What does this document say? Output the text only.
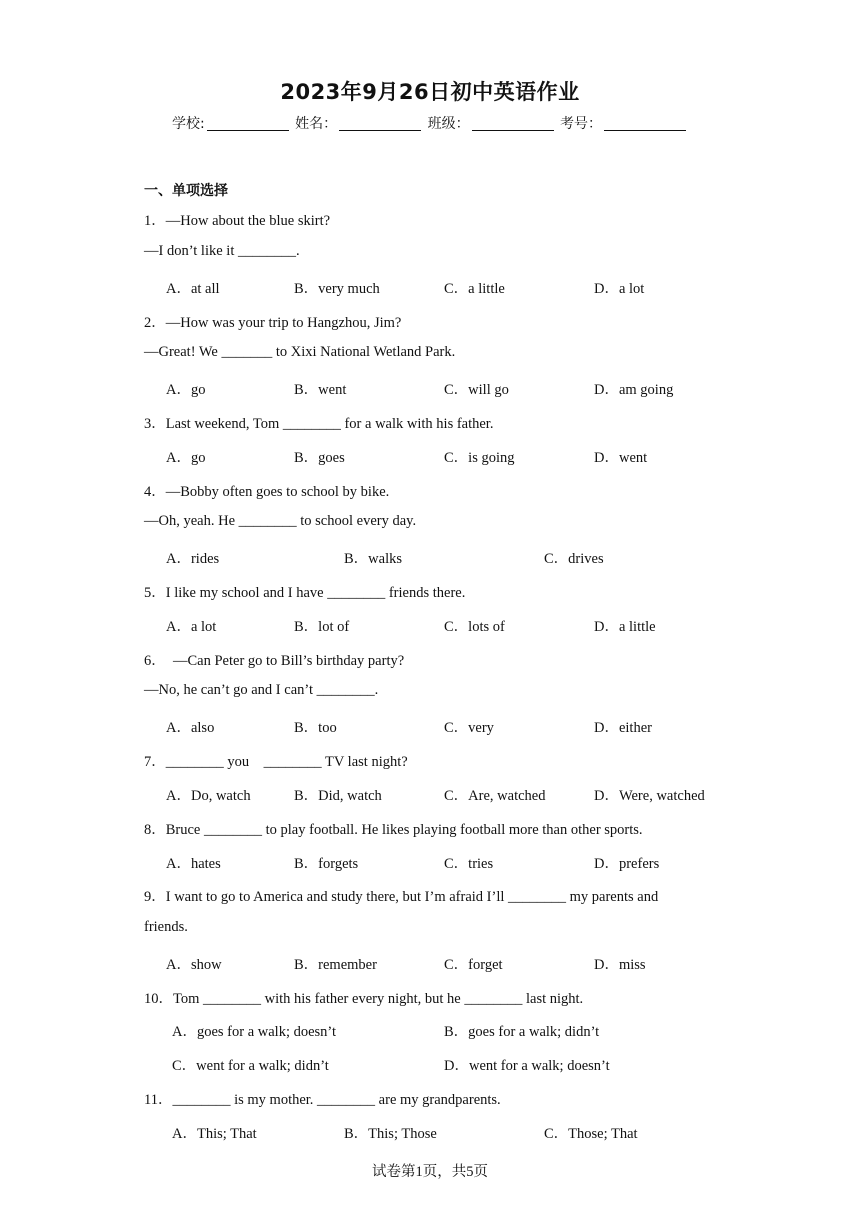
2023年9月26日初中英语作业
学校:	姓名：	班级：	考号：
一、单项选择
1．—How about the blue skirt?
—I don’t like it ________.
A．at all	B．very much	C．a little	D．a lot
2．—How was your trip to Hangzhou, Jim?
—Great! We _______ to Xixi National Wetland Park.
A．go	B．went	C．will go	D．am going
3．Last weekend, Tom ________ for a walk with his father.
A．go	B．goes	C．is going	D．went
4．—Bobby often goes to school by bike.
—Oh, yeah. He ________ to school every day.
A．rides	B．walks	C．drives
5．I like my school and I have ________ friends there.
A．a lot	B．lot of	C．lots of	D．a little
6．  —Can Peter go to Bill’s birthday party?
—No, he can’t go and I can’t ________.
A．also	B．too	C．very	D．either
7．________ you    ________ TV last night?
A．Do, watch	B．Did, watch	C．Are, watched	D．Were, watched
8．Bruce ________ to play football. He likes playing football more than other sports.
A．hates	B．forgets	C．tries	D．prefers
9．I want to go to America and study there, but I’m afraid I’ll ________ my parents and
friends.
A．show	B．remember	C．forget	D．miss
10．Tom ________ with his father every night, but he ________ last night.
A．goes for a walk; doesn’t	B．goes for a walk; didn’t
C．went for a walk; didn’t	D．went for a walk; doesn’t
11．________ is my mother. ________ are my grandparents.
A．This; That	B．This; Those	C．Those; That
试卷第1页，共5页
